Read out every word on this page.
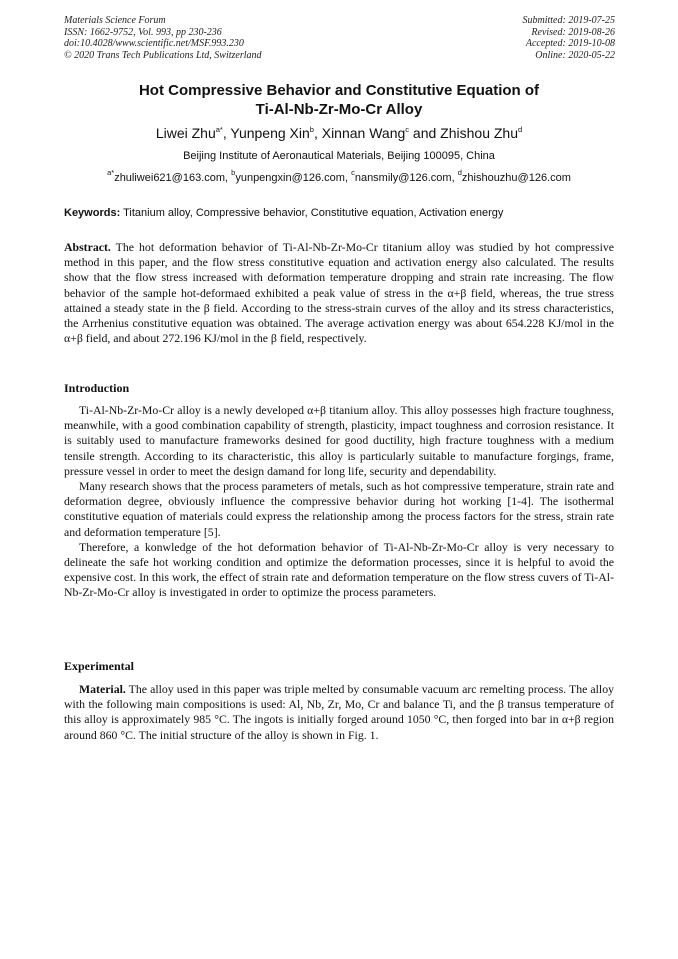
Materials Science Forum
ISSN: 1662-9752, Vol. 993, pp 230-236
doi:10.4028/www.scientific.net/MSF.993.230
© 2020 Trans Tech Publications Ltd, Switzerland
Submitted: 2019-07-25
Revised: 2019-08-26
Accepted: 2019-10-08
Online: 2020-05-22
Hot Compressive Behavior and Constitutive Equation of
Ti-Al-Nb-Zr-Mo-Cr Alloy
Liwei Zhu$^{a*}$, Yunpeng Xin$^b$, Xinnan Wang$^c$ and Zhishou Zhu$^d$
Beijing Institute of Aeronautical Materials, Beijing 100095, China
$^{a*}$zhuliwei621@163.com, $^b$yunpengxin@126.com, $^c$nansmily@126.com, $^d$zhishouzhu@126.com
Keywords: Titanium alloy, Compressive behavior, Constitutive equation, Activation energy
Abstract. The hot deformation behavior of Ti-Al-Nb-Zr-Mo-Cr titanium alloy was studied by hot compressive method in this paper, and the flow stress constitutive equation and activation energy also calculated. The results show that the flow stress increased with deformation temperature dropping and strain rate increasing. The flow behavior of the sample hot-deformaed exhibited a peak value of stress in the α+β field, whereas, the true stress attained a steady state in the β field. According to the stress-strain curves of the alloy and its stress characteristics, the Arrhenius constitutive equation was obtained. The average activation energy was about 654.228 KJ/mol in the α+β field, and about 272.196 KJ/mol in the β field, respectively.
Introduction

Ti-Al-Nb-Zr-Mo-Cr alloy is a newly developed α+β titanium alloy. This alloy possesses high fracture toughness, meanwhile, with a good combination capability of strength, plasticity, impact toughness and corrosion resistance. It is suitably used to manufacture frameworks desined for good ductility, high fracture toughness with a medium tensile strength. According to its characteristic, this alloy is particularly suitable to manufacture forgings, frame, pressure vessel in order to meet the design damand for long life, security and dependability.

Many research shows that the process parameters of metals, such as hot compressive temperature, strain rate and deformation degree, obviously influence the compressive behavior during hot working [1-4]. The isothermal constitutive equation of materials could express the relationship among the process factors for the stress, strain rate and deformation temperature [5].

Therefore, a konwledge of the hot deformation behavior of Ti-Al-Nb-Zr-Mo-Cr alloy is very necessary to delineate the safe hot working condition and optimize the deformation processes, since it is helpful to avoid the expensive cost. In this work, the effect of strain rate and deformation temperature on the flow stress cuvers of Ti-Al-Nb-Zr-Mo-Cr alloy is investigated in order to optimize the process parameters.

Experimental

Material. The alloy used in this paper was triple melted by consumable vacuum arc remelting process. The alloy with the following main compositions is used: Al, Nb, Zr, Mo, Cr and balance Ti, and the β transus temperature of this alloy is approximately 985 °C. The ingots is initially forged around 1050 °C, then forged into bar in α+β region around 860 °C. The initial structure of the alloy is shown in Fig. 1.
